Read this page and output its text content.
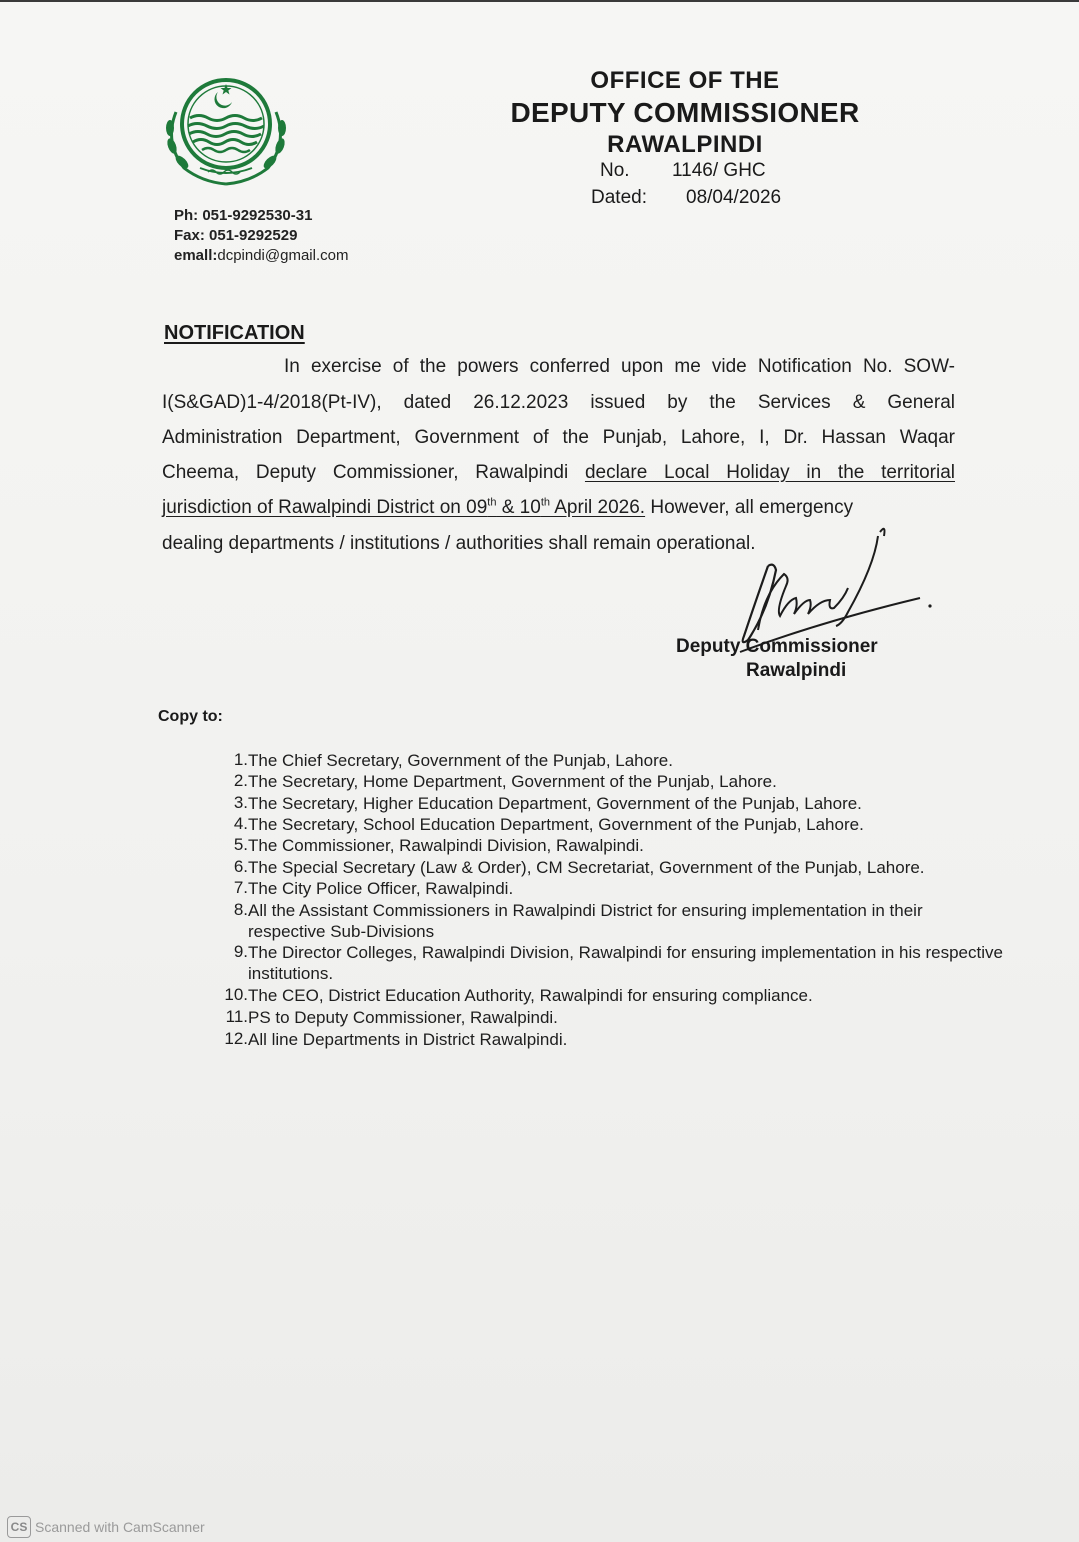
OFFICE OF THE
DEPUTY COMMISSIONER
RAWALPINDI
No. 1146/ GHC
Dated: 08/04/2026
Ph: 051-9292530-31
Fax: 051-9292529
emall:dcpindi@gmail.com
NOTIFICATION
In exercise of the powers conferred upon me vide Notification No. SOW-
I(S&GAD)1-4/2018(Pt-IV), dated 26.12.2023 issued by the Services & General
Administration Department, Government of the Punjab, Lahore, I, Dr. Hassan Waqar
Cheema, Deputy Commissioner, Rawalpindi declare Local Holiday in the territorial
jurisdiction of Rawalpindi District on 09th & 10th April 2026. However, all emergency
dealing departments / institutions / authorities shall remain operational.
Deputy Commissioner
Rawalpindi
Copy to:
1. The Chief Secretary, Government of the Punjab, Lahore.
2. The Secretary, Home Department, Government of the Punjab, Lahore.
3. The Secretary, Higher Education Department, Government of the Punjab, Lahore.
4. The Secretary, School Education Department, Government of the Punjab, Lahore.
5. The Commissioner, Rawalpindi Division, Rawalpindi.
6. The Special Secretary (Law & Order), CM Secretariat, Government of the Punjab, Lahore.
7. The City Police Officer, Rawalpindi.
8. All the Assistant Commissioners in Rawalpindi District for ensuring implementation in their respective Sub-Divisions
9. The Director Colleges, Rawalpindi Division, Rawalpindi for ensuring implementation in his respective institutions.
10. The CEO, District Education Authority, Rawalpindi for ensuring compliance.
11. PS to Deputy Commissioner, Rawalpindi.
12. All line Departments in District Rawalpindi.
CS Scanned with CamScanner
